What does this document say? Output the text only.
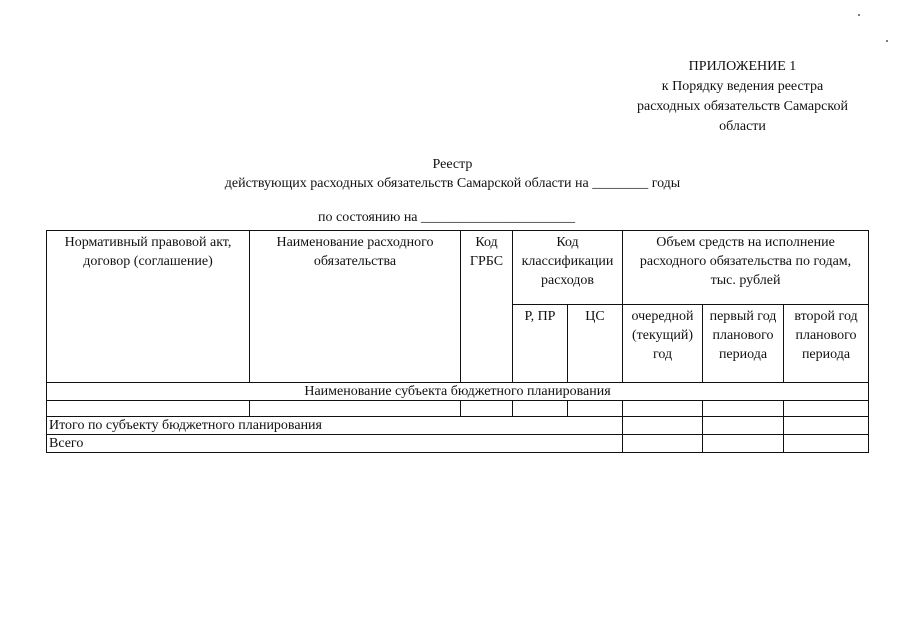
ПРИЛОЖЕНИЕ 1
к Порядку ведения реестра
расходных обязательств Самарской
области
Реестр
действующих расходных обязательств Самарской области на ________ годы
по состоянию на ______________________
Нормативный правовой акт, договор (соглашение)	Наименование расходного обязательства	Код ГРБС	Код классификации расходов		Объем средств на исполнение расходного обязательства по годам, тыс. рублей		
			Р, ПР	ЦС	очередной (текущий) год	первый год планового периода	второй год планового периода
Наименование субъекта бюджетного планирования							

Итого по субъекту бюджетного планирования							
Всего							
